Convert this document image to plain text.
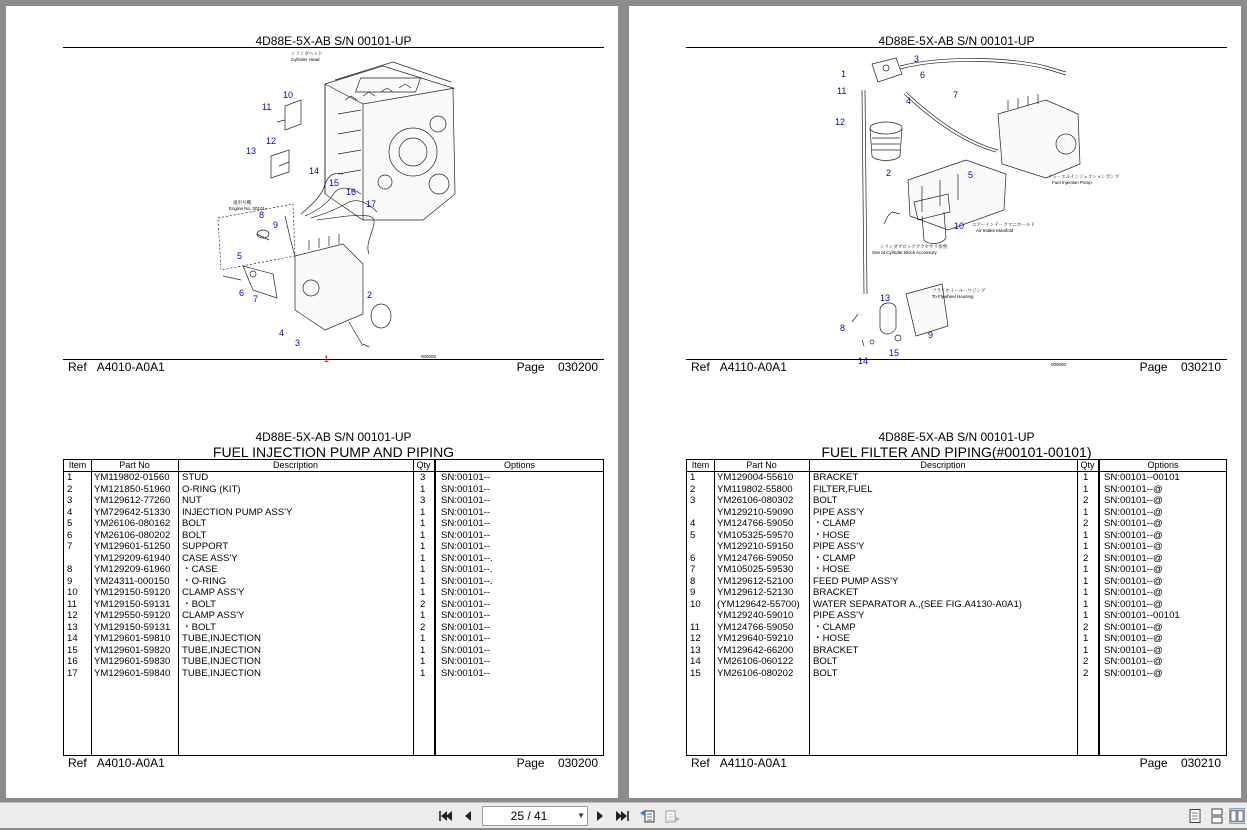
4D88E-5X-AB S/N 00101-UP
シリンダヘッド
Cylinder Head
適用号機
Engine No. 00101~
1
2
3
4
5
6
7
8
9
10
11
12
13
14
15
16
17
000000
Ref A4010-A0A1	Page 030200
4D88E-5X-AB S/N 00101-UP
FUEL INJECTION PUMP AND PIPING
Item	Part No	Description	Qty	Options
1 YM119802-01560 STUD	3 SN:00101--
2 YM121850-51960 O-RING (KIT)	1 SN:00101--
3 YM129612-77260 NUT	3 SN:00101--
4 YM729642-51330 INJECTION PUMP ASS'Y	1 SN:00101--
5 YM26106-080162 BOLT	1 SN:00101--
6 YM26106-080202 BOLT	1 SN:00101--
7 YM129601-51250 SUPPORT	1 SN:00101--
YM129209-61940 CASE ASS'Y	1 SN:00101--.
8 YM129209-61960 ・CASE	1 SN:00101--.
9 YM24311-000150 ・O-RING	1 SN:00101--.
10 YM129150-59120 CLAMP ASS'Y	1 SN:00101--
11 YM129150-59131 ・BOLT	2 SN:00101--
12 YM129550-59120 CLAMP ASS'Y	1 SN:00101--
13 YM129150-59131 ・BOLT	2 SN:00101--
14 YM129601-59810 TUBE,INJECTION	1 SN:00101--
15 YM129601-59820 TUBE,INJECTION	1 SN:00101--
16 YM129601-59830 TUBE,INJECTION	1 SN:00101--
17 YM129601-59840 TUBE,INJECTION	1 SN:00101--
Ref A4010-A0A1	Page 030200
4D88E-5X-AB S/N 00101-UP
フューエルインジェクションポンプ
Fuel Injection Pump
エアーインテークマニホールド
Air Intake Manifold
シリンダブロックアクセサリ参照
See at Cylinder Block Accessory
フライホイールハウジング
To Flywheel Housing
1
2
3
4
5
6
7
8
9
10
11
12
13
14
15
000000
Ref A4110-A0A1	Page 030210
4D88E-5X-AB S/N 00101-UP
FUEL FILTER AND PIPING(#00101-00101)
Item	Part No	Description	Qty	Options
1 YM129004-55610 BRACKET	1 SN:00101--00101
2 YM119802-55800 FILTER,FUEL	1 SN:00101--@
3 YM26106-080302 BOLT	2 SN:00101--@
YM129210-59090 PIPE ASS'Y	1 SN:00101--@
4 YM124766-59050 ・CLAMP	2 SN:00101--@
5 YM105325-59570 ・HOSE	1 SN:00101--@
YM129210-59150 PIPE ASS'Y	1 SN:00101--@
6 YM124766-59050 ・CLAMP	2 SN:00101--@
7 YM105025-59530 ・HOSE	1 SN:00101--@
8 YM129612-52100 FEED PUMP ASS'Y	1 SN:00101--@
9 YM129612-52130 BRACKET	1 SN:00101--@
10 (YM129642-55700) WATER SEPARATOR A.,(SEE FIG.A4130-A0A1)	1 SN:00101--@
YM129240-59010 PIPE ASS'Y	1 SN:00101--00101
11 YM124766-59050 ・CLAMP	2 SN:00101--@
12 YM129640-59210 ・HOSE	1 SN:00101--@
13 YM129642-66200 BRACKET	1 SN:00101--@
14 YM26106-060122 BOLT	2 SN:00101--@
15 YM26106-080202 BOLT	2 SN:00101--@
Ref A4110-A0A1	Page 030210
25 / 41	▼
